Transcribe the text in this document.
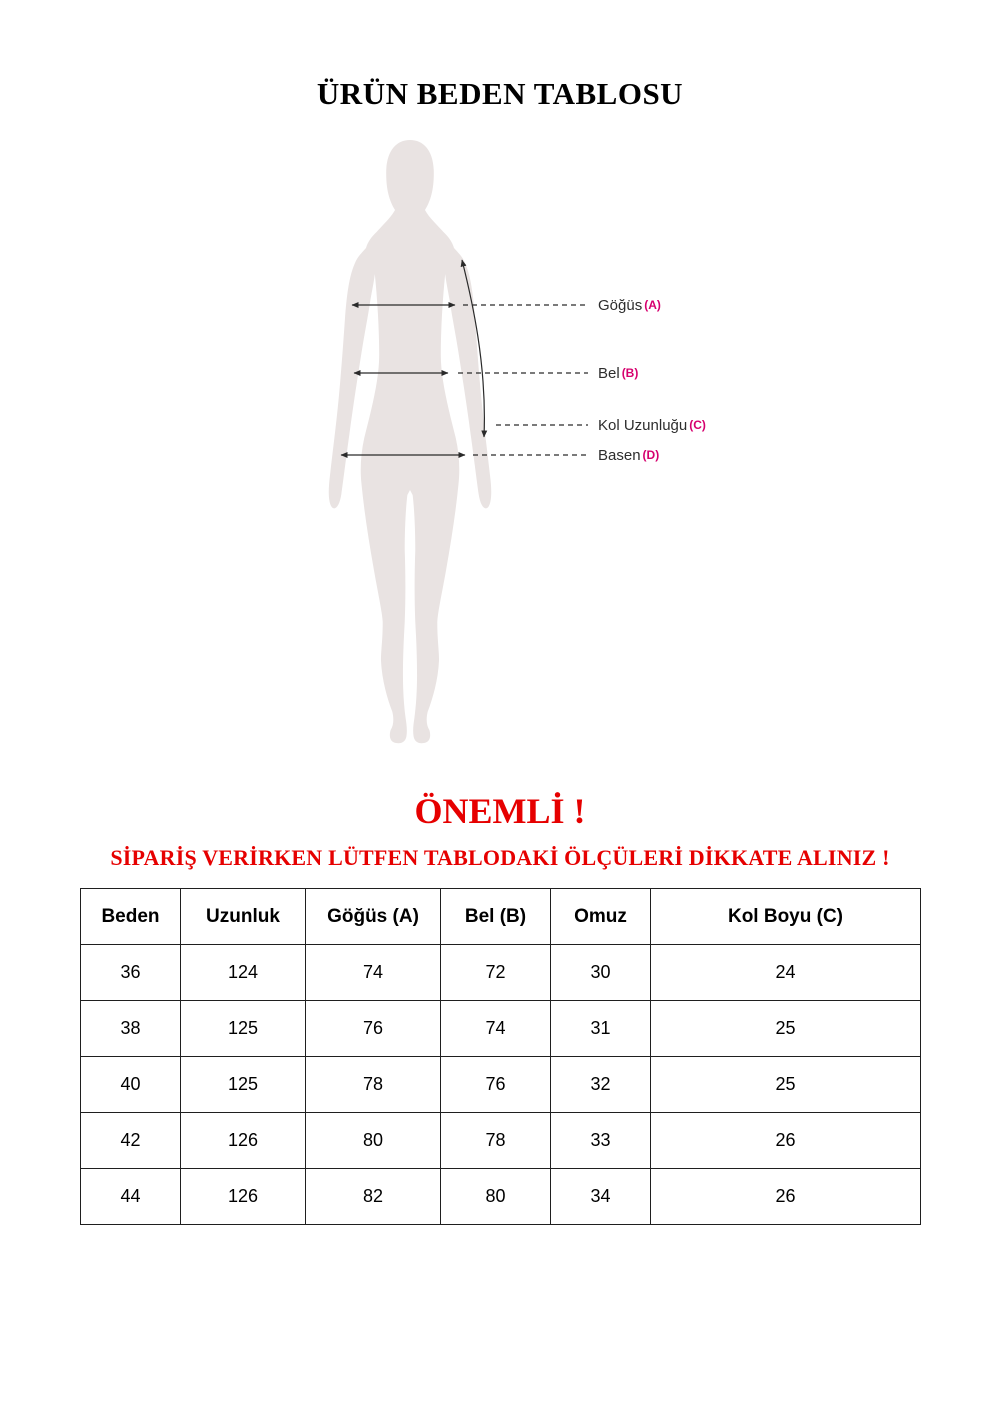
ÜRÜN BEDEN TABLOSU
Göğüs (A)
Bel (B)
Kol Uzunluğu (C)
Basen (D)
ÖNEMLİ !
SİPARİŞ VERİRKEN LÜTFEN TABLODAKİ ÖLÇÜLERİ DİKKATE ALINIZ !
Beden	Uzunluk	Göğüs (A)	Bel (B)	Omuz	Kol Boyu (C)
36	124	74	72	30	24
38	125	76	74	31	25
40	125	78	76	32	25
42	126	80	78	33	26
44	126	82	80	34	26
